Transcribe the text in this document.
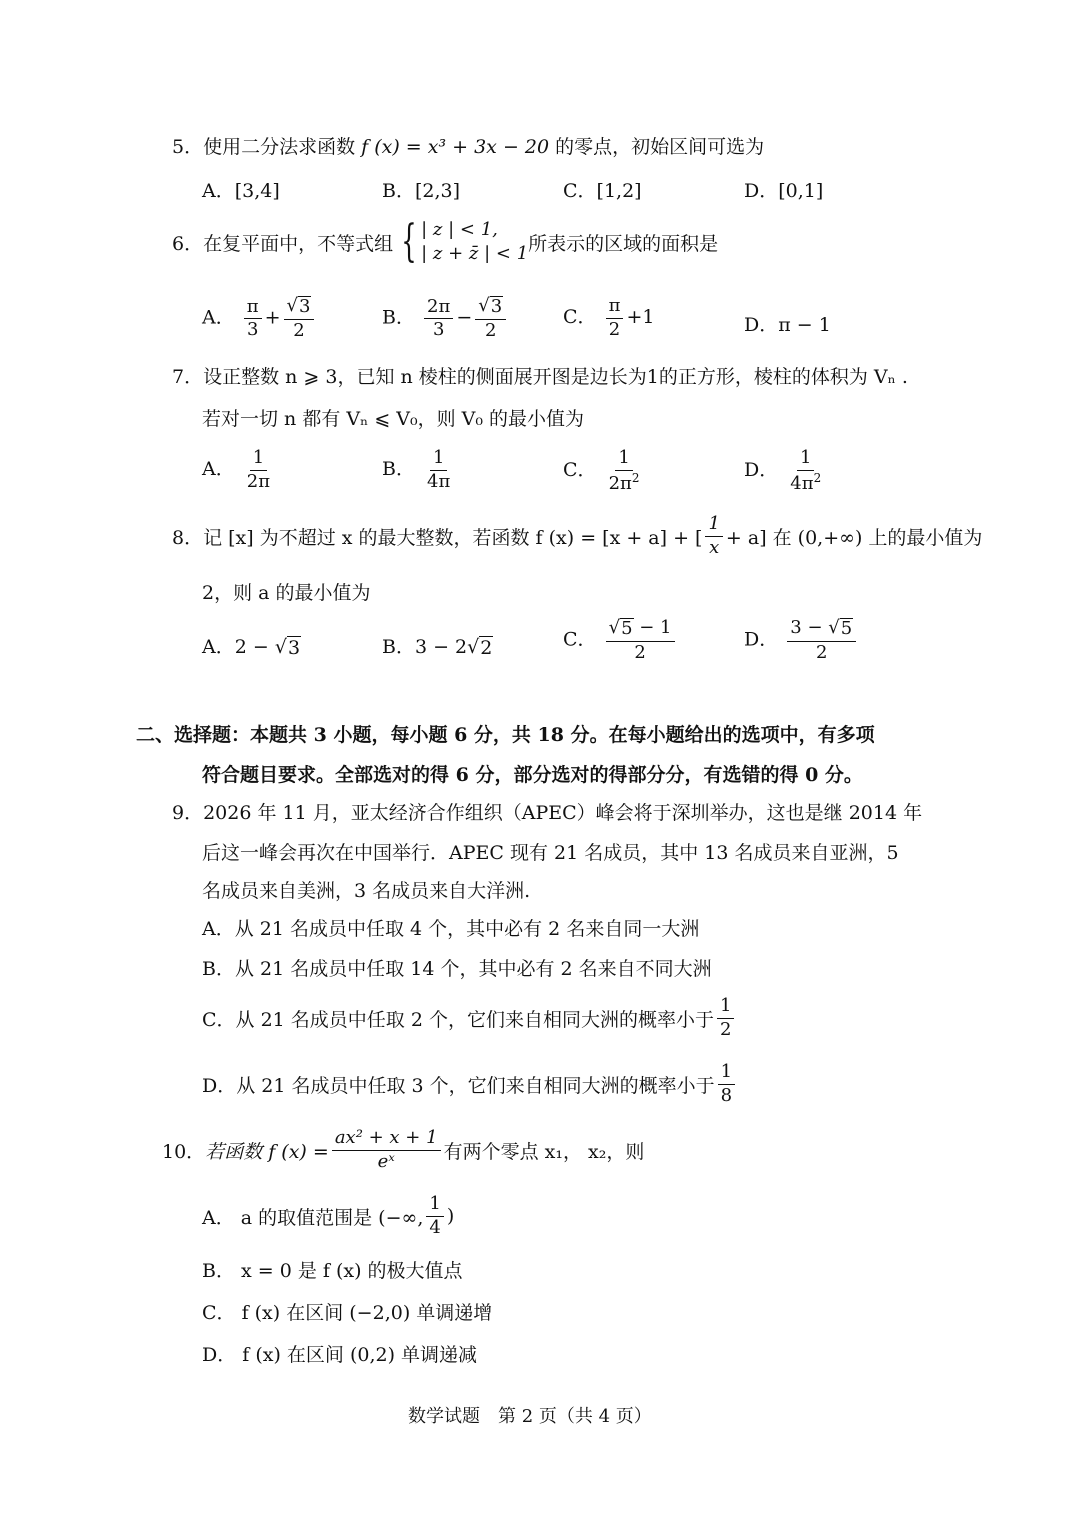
5．使用二分法求函数 f (x) = x³ + 3x − 20 的零点，初始区间可选为
A．[3,4]	B．[2,3]	C．[1,2]	D．[0,1]
6． 在复平面中，不等式组 { | z | < 1,
| z + z̄ | < 1 所表示的区域的面积是
A． $\frac{\pi}{3} + \frac{√ 3}{2}$	B． $\frac{2\pi}{3} - \frac{√ 3}{2}$	C． $\frac{\pi}{2} +1$	D．π − 1
7．设正整数 n ⩾ 3，已知 n 棱柱的侧面展开图是边长为1的正方形，棱柱的体积为 Vₙ .
若对一切 n 都有 Vₙ ⩽ V₀，则 V₀ 的最小值为
A． $\frac{1}{2\pi}$	B． $\frac{1}{4\pi}$	C． $\frac{1}{2\pi^2}$	D． $\frac{1}{4\pi^2}$
8． 记 [x] 为不超过 x 的最大整数，若函数 f (x) = [x + a] + [ $\frac{1}{x} + a$] 在 (0,+∞) 上的最小值为
2，则 a 的最小值为
A．2 − √ 3	B．3 − 2√ 2	C． $\frac{√ 5 - 1}{2}$	D． $\frac{3 - √ 5}{2}$
二、选择题：本题共 3 小题，每小题 6 分，共 18 分。在每小题给出的选项中，有多项
符合题目要求。全部选对的得 6 分，部分选对的得部分分，有选错的得 0 分。
9．2026 年 11 月，亚太经济合作组织（APEC）峰会将于深圳举办，这也是继 2014 年
后这一峰会再次在中国举行．APEC 现有 21 名成员，其中 13 名成员来自亚洲，5
名成员来自美洲，3 名成员来自大洋洲.
A．从 21 名成员中任取 4 个，其中必有 2 名来自同一大洲
B．从 21 名成员中任取 14 个，其中必有 2 名来自不同大洲
C．从 21 名成员中任取 2 个，它们来自相同大洲的概率小于 $\frac{1}{2}$
D．从 21 名成员中任取 3 个，它们来自相同大洲的概率小于 $\frac{1}{8}$
10． 若函数 f $(x) = \frac{\text{ax² + x + 1}}{\text{eˣ}}$ 有两个零点 x₁， x₂，则
A． a 的取值范围是 (−∞, $\frac{1}{4}$ )
B． x = 0 是 f (x) 的极大值点
C． f (x) 在区间 (−2,0) 单调递增
D． f (x) 在区间 (0,2) 单调递减
数学试题　第 2 页（共 4 页）
